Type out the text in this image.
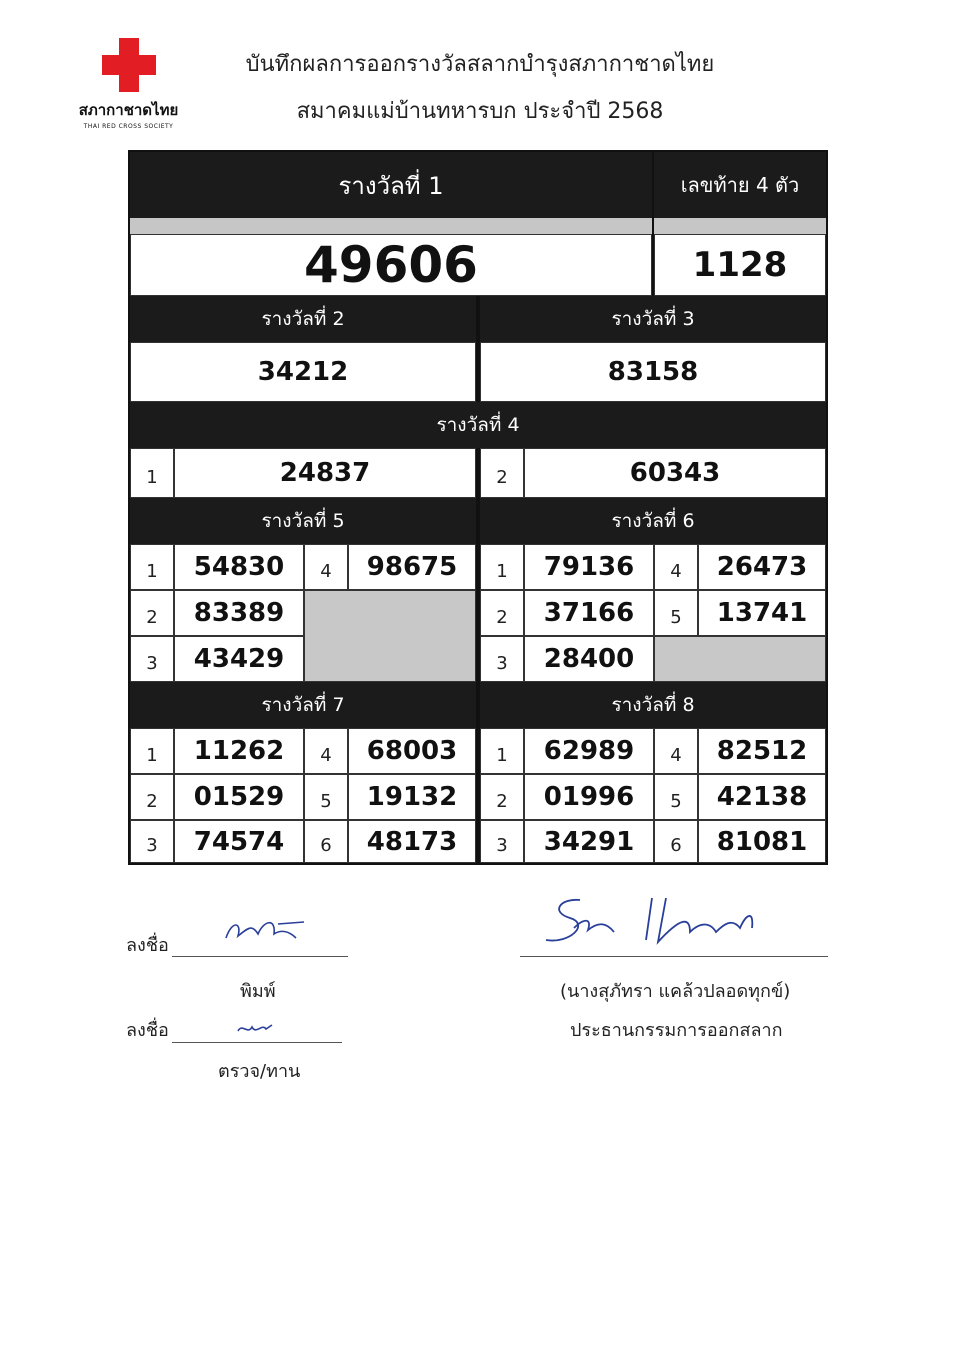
สภากาชาดไทย
THAI RED CROSS SOCIETY
บันทึกผลการออกรางวัลสลากบำรุงสภากาชาดไทย
สมาคมแม่บ้านทหารบก ประจำปี 2568
รางวัลที่ 1	เลขท้าย 4 ตัว
49606	1128
รางวัลที่ 2	รางวัลที่ 3
34212	83158
รางวัลที่ 4
1	24837	2	60343
รางวัลที่ 5	รางวัลที่ 6
1	54830	4	98675
2	83389
3	43429
1	79136	4	26473
2	37166	5	13741
3	28400
รางวัลที่ 7	รางวัลที่ 8
1	11262	4	68003
2	01529	5	19132
3	74574	6	48173
1	62989	4	82512
2	01996	5	42138
3	34291	6	81081
ลงชื่อ
พิมพ์
ลงชื่อ
ตรวจ/ทาน
(นางสุภัทรา แคล้วปลอดทุกข์)
ประธานกรรมการออกสลาก
